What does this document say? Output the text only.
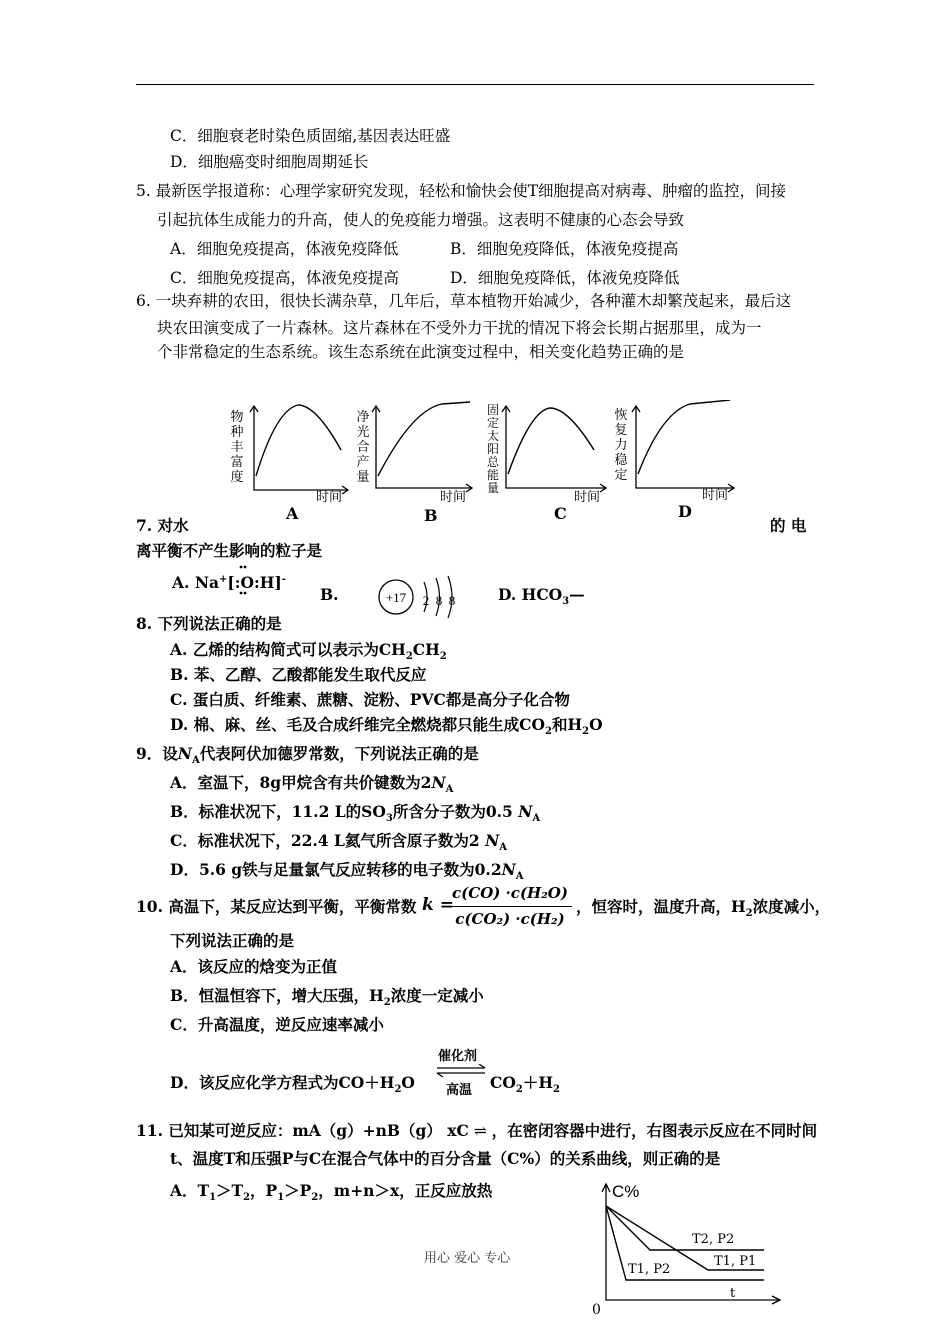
C．细胞衰老时染色质固缩,基因表达旺盛
D．细胞癌变时细胞周期延长
5. 最新医学报道称：心理学家研究发现，轻松和愉快会使T细胞提高对病毒、肿瘤的监控，间接
引起抗体生成能力的升高，使人的免疫能力增强。这表明不健康的心态会导致
A．细胞免疫提高，体液免疫降低	B．细胞免疫降低，体液免疫提高
C．细胞免疫提高，体液免疫提高	D．细胞免疫降低，体液免疫降低
6. 一块弃耕的农田，很快长满杂草，几年后，草本植物开始减少，各种灌木却繁茂起来，最后这
块农田演变成了一片森林。这片森林在不受外力干扰的情况下将会长期占据那里，成为一
个非常稳定的生态系统。该生态系统在此演变过程中，相关变化趋势正确的是
物种丰富度
时间
A
净光合产量
时间
B
固定太阳总能量
时间
C
恢复力稳定
时间
D
7. 对水	的 电
离平衡不产生影响的粒子是
A. Na+[:O:H]-
B.	+17 2 8 8	D. $HCO_3—$
8. 下列说法正确的是
A. 乙烯的结构简式可以表示为$CH_2CH_2$
B. 苯、乙醇、乙酸都能发生取代反应
C. 蛋白质、纤维素、蔗糖、淀粉、PVC都是高分子化合物
D. 棉、麻、丝、毛及合成纤维完全燃烧都只能生成$CO_2$和$H_2O$
9．设$N_A$代表阿伏加德罗常数，下列说法正确的是
A．室温下，8g甲烷含有共价键数为$2N_A$
B．标准状况下，11.2 L的$SO_3$所含分子数为0.5 $N_A$
C．标准状况下，22.4 L氦气所含原子数为2 $N_A$
D．5.6 g铁与足量氯气反应转移的电子数为$0.2N_A$
10. 高温下，某反应达到平衡，平衡常数 k =
c(CO) ·c(H₂O)
c(CO₂) ·c(H₂)
，恒容时，温度升高，$H_2$浓度减小，
下列说法正确的是
A．该反应的焓变为正值
B．恒温恒容下，增大压强，$H_2$浓度一定减小
C．升高温度，逆反应速率减小
催化剂
高温
D．该反应化学方程式为$CO+H_2O$	$CO_2+H_2$
11. 已知某可逆反应：mA（g）+nB（g） xC ⇌ ，在密闭容器中进行，右图表示反应在不同时间
t、温度T和压强P与C在混合气体中的百分含量（C%）的关系曲线，则正确的是
A．$T_1>T_2$，$P_1>P_2$，m+n＞x，正反应放热	C%
T2, P2
T1, P1
T1, P2
t
0
用心 爱心 专心
